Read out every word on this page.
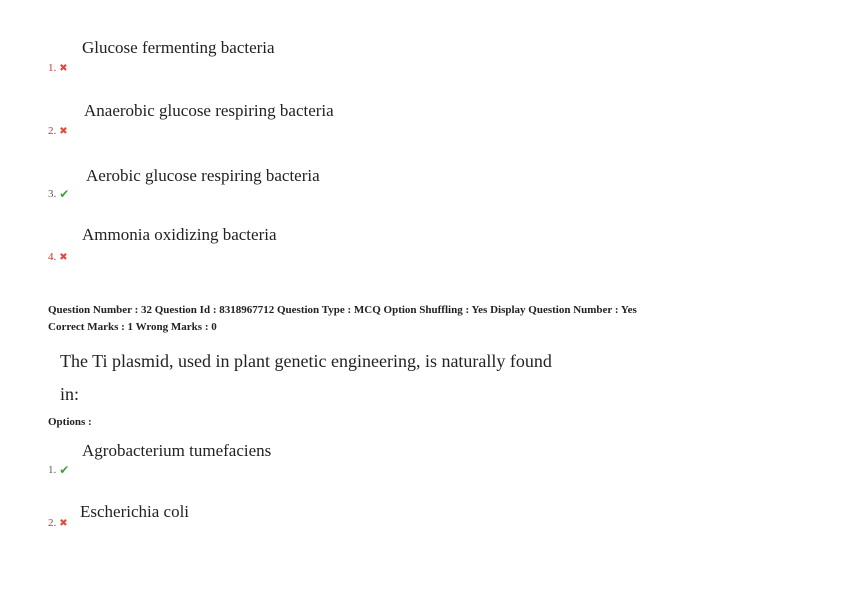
Glucose fermenting bacteria
1. ✖
Anaerobic glucose respiring bacteria
2. ✖
Aerobic glucose respiring bacteria
3. ✔
Ammonia oxidizing bacteria
4. ✖
Question Number : 32 Question Id : 8318967712 Question Type : MCQ Option Shuffling : Yes Display Question Number : Yes
Correct Marks : 1 Wrong Marks : 0
The Ti plasmid, used in plant genetic engineering, is naturally found
in:
Options :
Agrobacterium tumefaciens
1. ✔
Escherichia coli
2. ✖
